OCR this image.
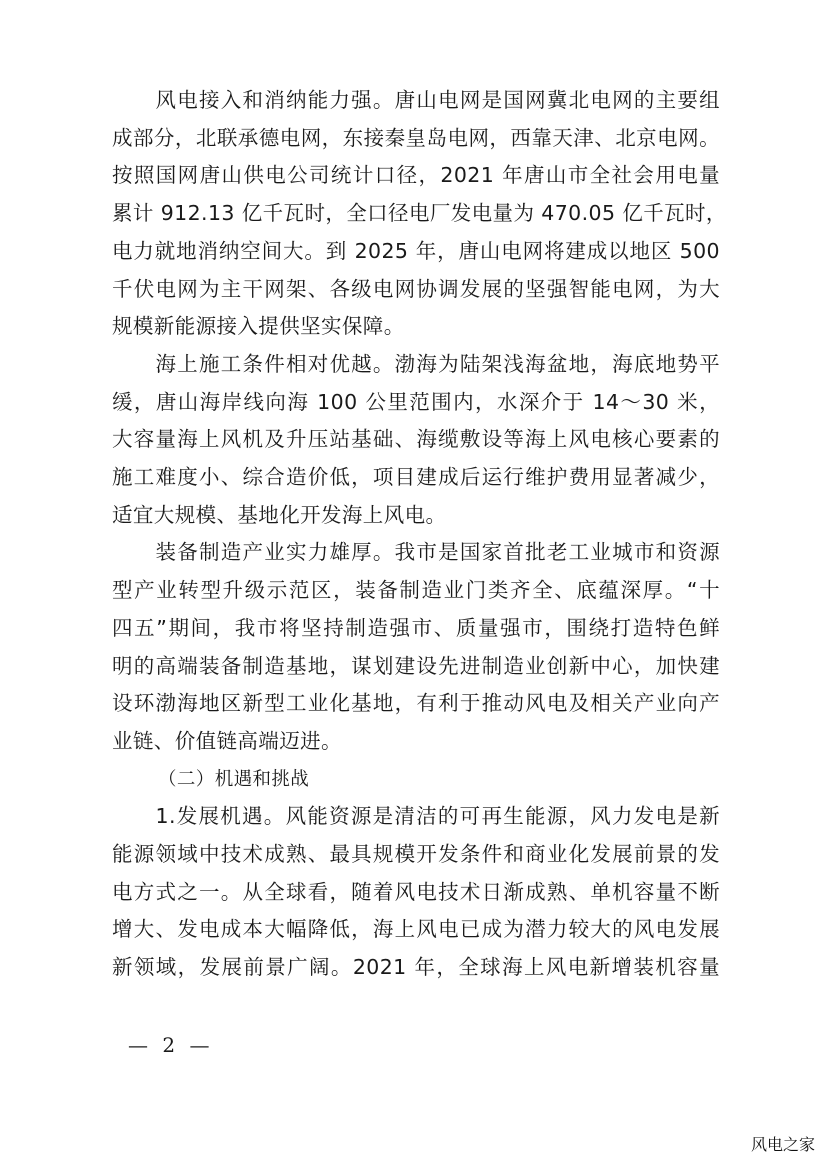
　　风电接入和消纳能力强。唐山电网是国网冀北电网的主要组
成部分，北联承德电网，东接秦皇岛电网，西靠天津、北京电网。
按照国网唐山供电公司统计口径，2021 年唐山市全社会用电量
累计 912.13 亿千瓦时，全口径电厂发电量为 470.05 亿千瓦时，
电力就地消纳空间大。到 2025 年，唐山电网将建成以地区 500
千伏电网为主干网架、各级电网协调发展的坚强智能电网，为大
规模新能源接入提供坚实保障。
　　海上施工条件相对优越。渤海为陆架浅海盆地，海底地势平
缓，唐山海岸线向海 100 公里范围内，水深介于 14～30 米，
大容量海上风机及升压站基础、海缆敷设等海上风电核心要素的
施工难度小、综合造价低，项目建成后运行维护费用显著减少，
适宜大规模、基地化开发海上风电。
　　装备制造产业实力雄厚。我市是国家首批老工业城市和资源
型产业转型升级示范区，装备制造业门类齐全、底蕴深厚。“十
四五”期间，我市将坚持制造强市、质量强市，围绕打造特色鲜
明的高端装备制造基地，谋划建设先进制造业创新中心，加快建
设环渤海地区新型工业化基地，有利于推动风电及相关产业向产
业链、价值链高端迈进。
（二）机遇和挑战
　　1.发展机遇。风能资源是清洁的可再生能源，风力发电是新
能源领域中技术成熟、最具规模开发条件和商业化发展前景的发
电方式之一。从全球看，随着风电技术日渐成熟、单机容量不断
增大、发电成本大幅降低，海上风电已成为潜力较大的风电发展
新领域，发展前景广阔。2021 年，全球海上风电新增装机容量
— 2 —
风电之家
